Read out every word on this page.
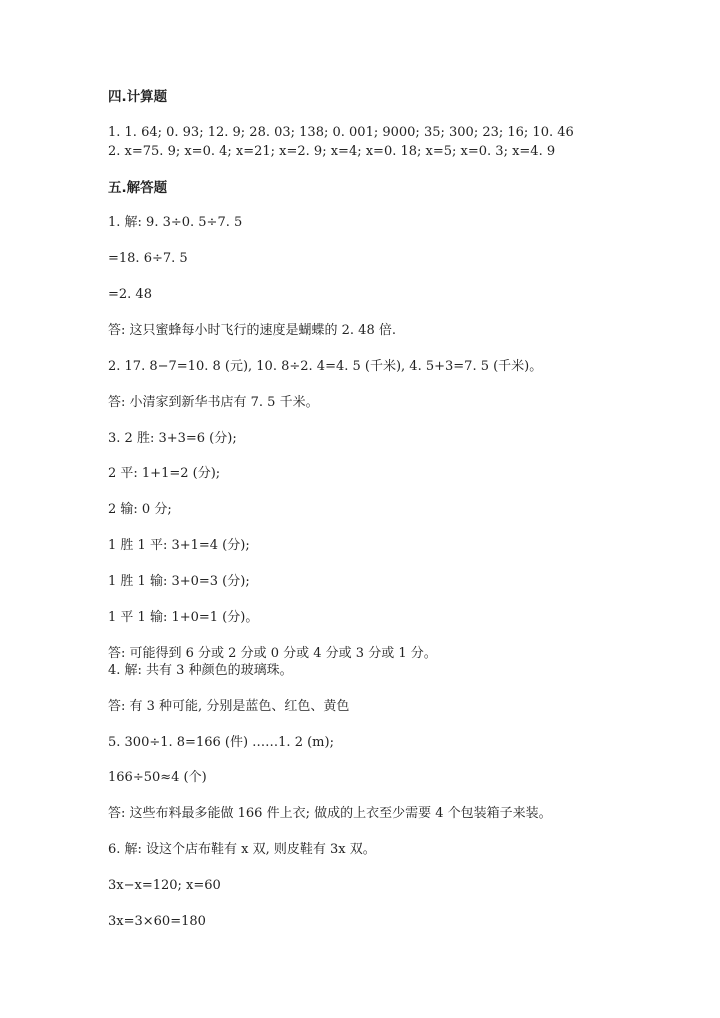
四.计算题
1. 1. 64; 0. 93; 12. 9; 28. 03; 138; 0. 001; 9000; 35; 300; 23; 16; 10. 46
2. x=75. 9; x=0. 4; x=21; x=2. 9; x=4; x=0. 18; x=5; x=0. 3; x=4. 9
五.解答题
1. 解: 9. 3÷0. 5÷7. 5
=18. 6÷7. 5
=2. 48
答: 这只蜜蜂每小时飞行的速度是蝴蝶的 2. 48 倍.
2. 17. 8−7=10. 8 (元), 10. 8÷2. 4=4. 5 (千米), 4. 5+3=7. 5 (千米)。
答: 小清家到新华书店有 7. 5 千米。
3. 2 胜: 3+3=6 (分);
2 平: 1+1=2 (分);
2 输: 0 分;
1 胜 1 平: 3+1=4 (分);
1 胜 1 输: 3+0=3 (分);
1 平 1 输: 1+0=1 (分)。
答: 可能得到 6 分或 2 分或 0 分或 4 分或 3 分或 1 分。
4. 解: 共有 3 种颜色的玻璃珠。
答: 有 3 种可能, 分别是蓝色、红色、黄色
5. 300÷1. 8=166 (件) ……1. 2 (m);
166÷50≈4 (个)
答: 这些布料最多能做 166 件上衣; 做成的上衣至少需要 4 个包装箱子来装。
6. 解: 设这个店布鞋有 x 双, 则皮鞋有 3x 双。
3x−x=120; x=60
3x=3×60=180
